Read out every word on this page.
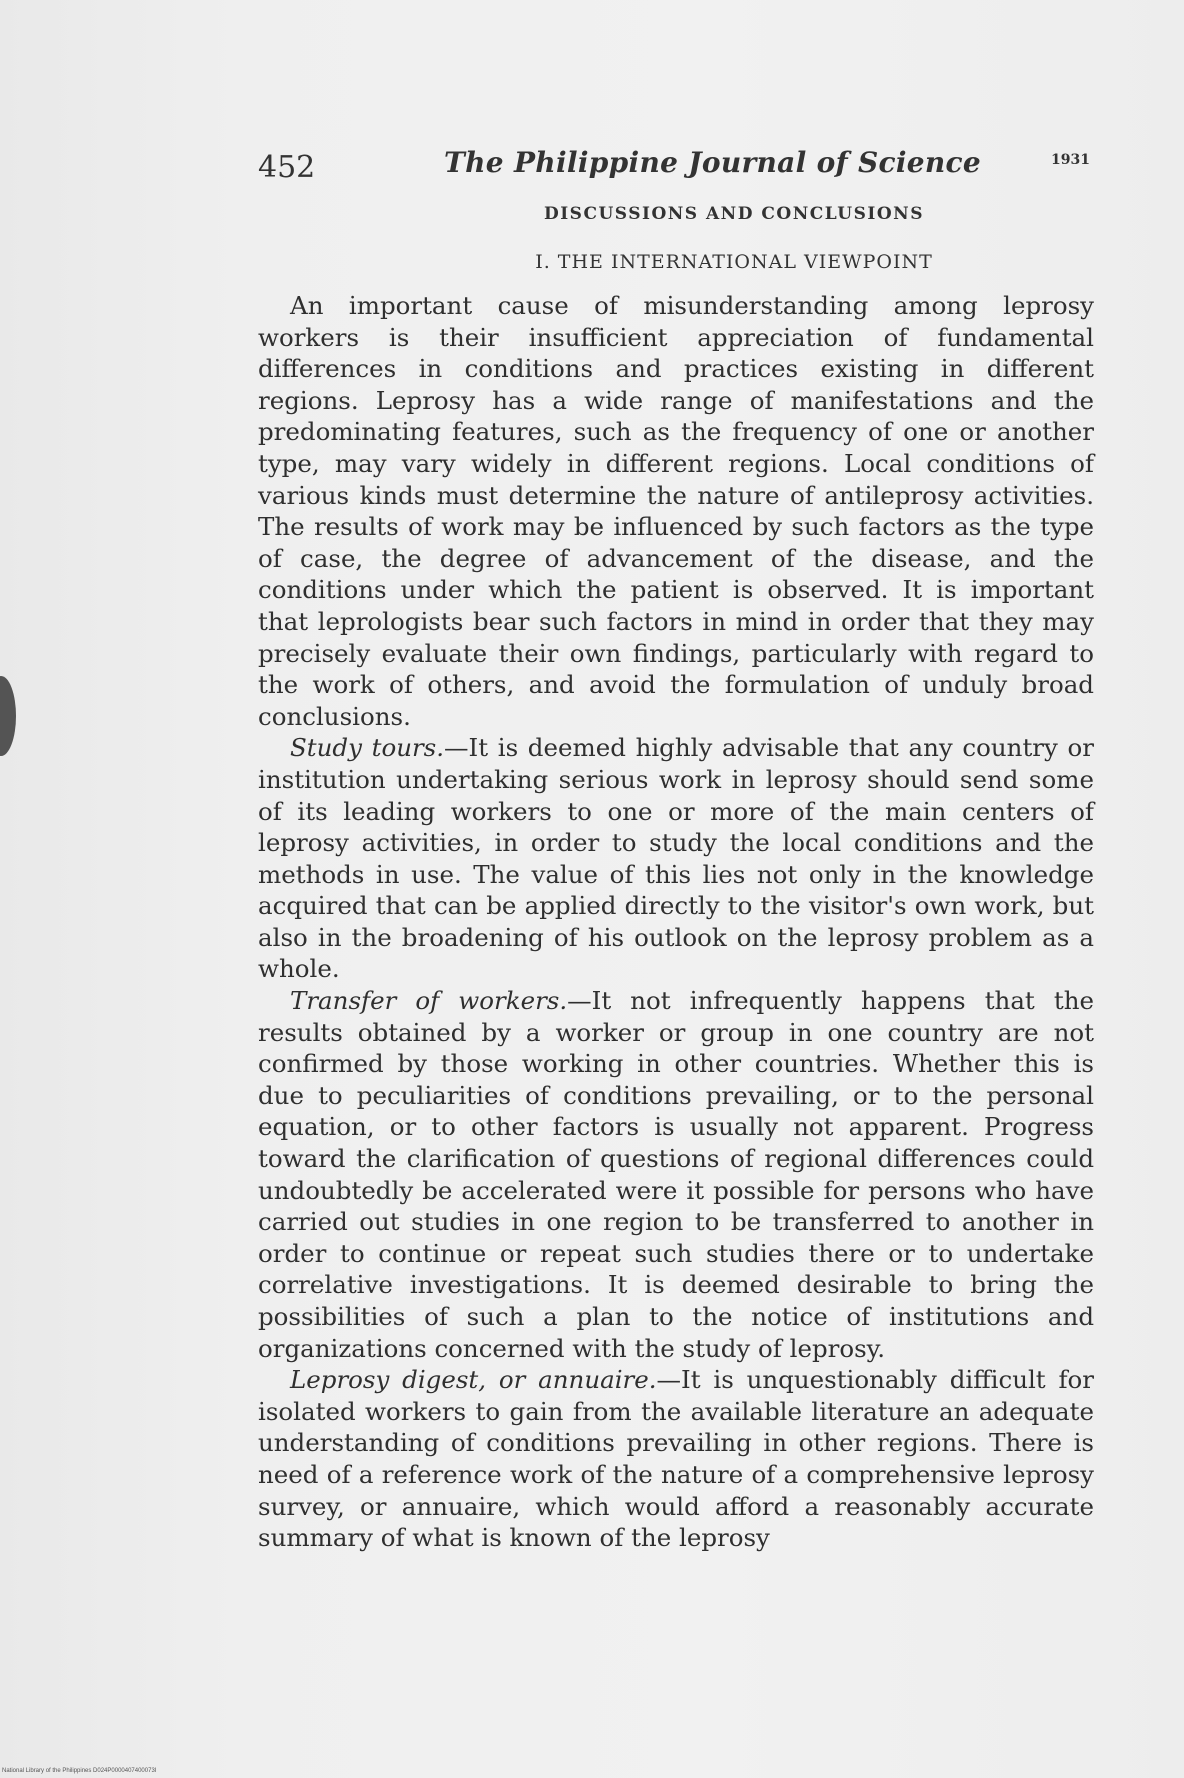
452	The Philippine Journal of Science	1931
DISCUSSIONS AND CONCLUSIONS
I. THE INTERNATIONAL VIEWPOINT

An important cause of misunderstanding among leprosy workers is their insufficient appreciation of fundamental differences in conditions and practices existing in different regions. Leprosy has a wide range of manifestations and the predominating features, such as the frequency of one or another type, may vary widely in different regions. Local conditions of various kinds must determine the nature of antileprosy activities. The results of work may be influenced by such factors as the type of case, the degree of advancement of the disease, and the conditions under which the patient is observed. It is important that leprologists bear such factors in mind in order that they may precisely evaluate their own findings, particularly with regard to the work of others, and avoid the formulation of unduly broad conclusions.

Study tours.—It is deemed highly advisable that any country or institution undertaking serious work in leprosy should send some of its leading workers to one or more of the main centers of leprosy activities, in order to study the local conditions and the methods in use. The value of this lies not only in the knowledge acquired that can be applied directly to the visitor's own work, but also in the broadening of his outlook on the leprosy problem as a whole.

Transfer of workers.—It not infrequently happens that the results obtained by a worker or group in one country are not confirmed by those working in other countries. Whether this is due to peculiarities of conditions prevailing, or to the personal equation, or to other factors is usually not apparent. Progress toward the clarification of questions of regional differences could undoubtedly be accelerated were it possible for persons who have carried out studies in one region to be transferred to another in order to continue or repeat such studies there or to undertake correlative investigations. It is deemed desirable to bring the possibilities of such a plan to the notice of institutions and organizations concerned with the study of leprosy.

Leprosy digest, or annuaire.—It is unquestionably difficult for isolated workers to gain from the available literature an adequate understanding of conditions prevailing in other regions. There is need of a reference work of the nature of a comprehensive leprosy survey, or annuaire, which would afford a reasonably accurate summary of what is known of the leprosy

National Library of the Philippines D024P0000407400073I
